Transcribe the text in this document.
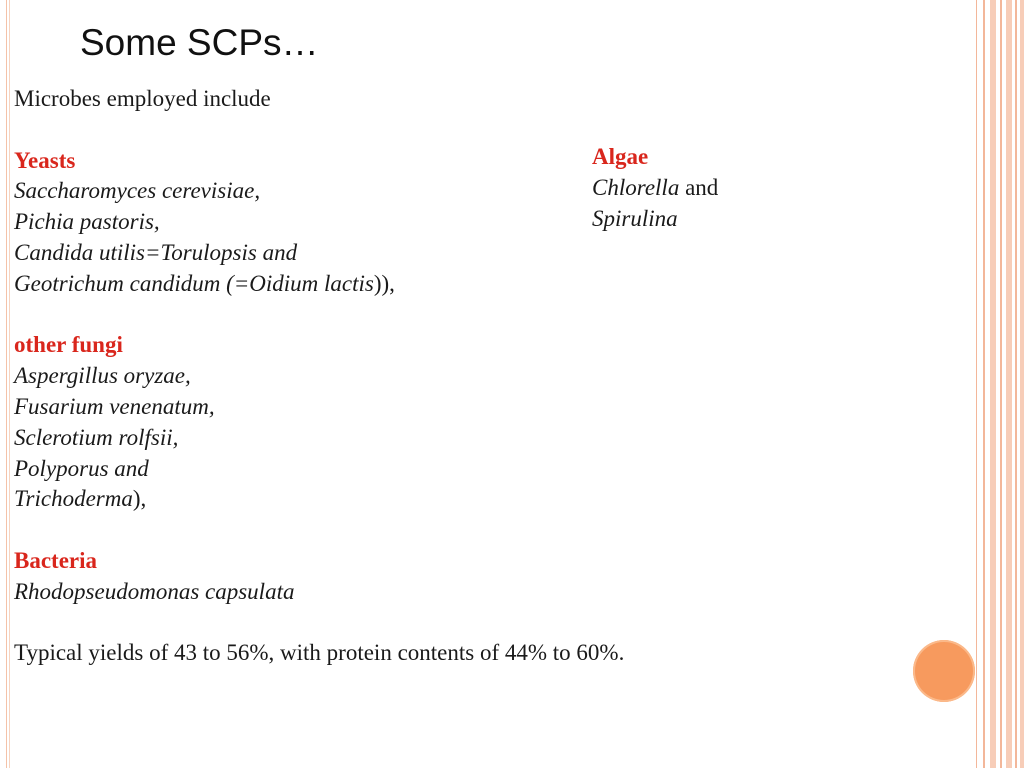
Some SCPs…
Microbes employed include
Yeasts
Saccharomyces cerevisiae,
Pichia pastoris,
Candida utilis=Torulopsis and
Geotrichum candidum (=Oidium lactis)),
other fungi
Aspergillus oryzae,
Fusarium venenatum,
Sclerotium rolfsii,
Polyporus and
Trichoderma),
Bacteria
Rhodopseudomonas capsulata
Typical yields of 43 to 56%, with protein contents of 44% to 60%.
Algae
Chlorella and
Spirulina
